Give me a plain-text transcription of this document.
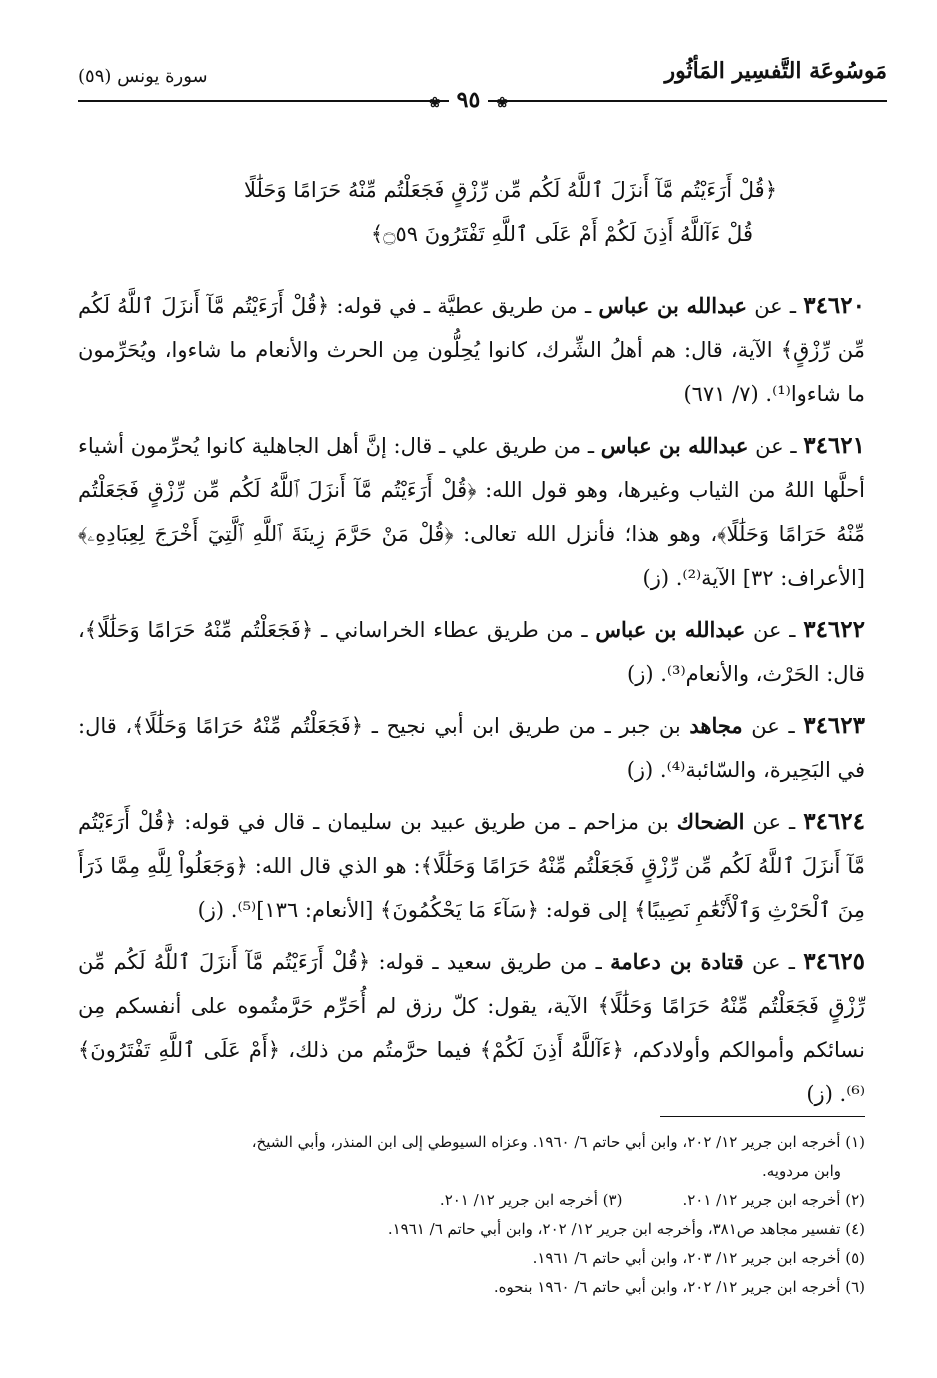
مَوسُوعَة التَّفسِير المَأثُور
سورة يونس (٥٩)
❀٩٥❀
﴿قُلْ أَرَءَيْتُم مَّآ أَنزَلَ ٱللَّهُ لَكُم مِّن رِّزْقٍ فَجَعَلْتُم مِّنْهُ حَرَامًا وَحَلَٰلًا
قُلْ ءَآللَّهُ أَذِنَ لَكُمْ أَمْ عَلَى ٱللَّهِ تَفْتَرُونَ ۝٥٩﴾

٣٤٦٢٠ ـ عن عبدالله بن عباس ـ من طريق عطيَّة ـ في قوله: ﴿قُلْ أَرَءَيْتُم مَّآ أَنزَلَ ٱللَّهُ لَكُم مِّن رِّزْقٍ﴾ الآية، قال: هم أهلُ الشِّرك، كانوا يُحِلُّون مِن الحرث والأنعام ما شاءوا، ويُحَرِّمون ما شاءوا⁽¹⁾. (٧/ ٦٧١)

٣٤٦٢١ ـ عن عبدالله بن عباس ـ من طريق علي ـ قال: إنَّ أهل الجاهلية كانوا يُحرِّمون أشياء أحلَّها اللهُ من الثياب وغيرها، وهو قول الله: ﴿قُلْ أَرَءَيْتُم مَّآ أَنزَلَ ٱللَّهُ لَكُم مِّن رِّزْقٍ فَجَعَلْتُم مِّنْهُ حَرَامًا وَحَلَٰلًا﴾، وهو هذا؛ فأنزل الله تعالى: ﴿قُلْ مَنْ حَرَّمَ زِينَةَ ٱللَّهِ ٱلَّتِيٓ أَخْرَجَ لِعِبَادِهِۦ﴾ [الأعراف: ٣٢] الآية⁽²⁾. (ز)

٣٤٦٢٢ ـ عن عبدالله بن عباس ـ من طريق عطاء الخراساني ـ ﴿فَجَعَلْتُم مِّنْهُ حَرَامًا وَحَلَٰلًا﴾، قال: الحَرْث، والأنعام⁽³⁾. (ز)

٣٤٦٢٣ ـ عن مجاهد بن جبر ـ من طريق ابن أبي نجيح ـ ﴿فَجَعَلْتُم مِّنْهُ حَرَامًا وَحَلَٰلًا﴾، قال: في البَحِيرة، والسّائبة⁽⁴⁾. (ز)

٣٤٦٢٤ ـ عن الضحاك بن مزاحم ـ من طريق عبيد بن سليمان ـ قال في قوله: ﴿قُلْ أَرَءَيْتُم مَّآ أَنزَلَ ٱللَّهُ لَكُم مِّن رِّزْقٍ فَجَعَلْتُم مِّنْهُ حَرَامًا وَحَلَٰلًا﴾: هو الذي قال الله: ﴿وَجَعَلُواْ لِلَّهِ مِمَّا ذَرَأَ مِنَ ٱلْحَرْثِ وَٱلْأَنْعَٰمِ نَصِيبًا﴾ إلى قوله: ﴿سَآءَ مَا يَحْكُمُونَ﴾ [الأنعام: ١٣٦]⁽⁵⁾. (ز)

٣٤٦٢٥ ـ عن قتادة بن دعامة ـ من طريق سعيد ـ قوله: ﴿قُلْ أَرَءَيْتُم مَّآ أَنزَلَ ٱللَّهُ لَكُم مِّن رِّزْقٍ فَجَعَلْتُم مِّنْهُ حَرَامًا وَحَلَٰلًا﴾ الآية، يقول: كلّ رزق لم أُحَرِّم حَرَّمتُموه على أنفسكم مِن نسائكم وأموالكم وأولادكم، ﴿ءَآللَّهُ أَذِنَ لَكُمْ﴾ فيما حرَّمتُم من ذلك، ﴿أَمْ عَلَى ٱللَّهِ تَفْتَرُونَ﴾⁽⁶⁾. (ز)

(١) أخرجه ابن جرير ١٢/ ٢٠٢، وابن أبي حاتم ٦/ ١٩٦٠. وعزاه السيوطي إلى ابن المنذر، وأبي الشيخ،

وابن مردويه.

(٢) أخرجه ابن جرير ١٢/ ٢٠١.

(٣) أخرجه ابن جرير ١٢/ ٢٠١.

(٤) تفسير مجاهد ص٣٨١، وأخرجه ابن جرير ١٢/ ٢٠٢، وابن أبي حاتم ٦/ ١٩٦١.

(٥) أخرجه ابن جرير ١٢/ ٢٠٣، وابن أبي حاتم ٦/ ١٩٦١.

(٦) أخرجه ابن جرير ١٢/ ٢٠٢، وابن أبي حاتم ٦/ ١٩٦٠ بنحوه.
